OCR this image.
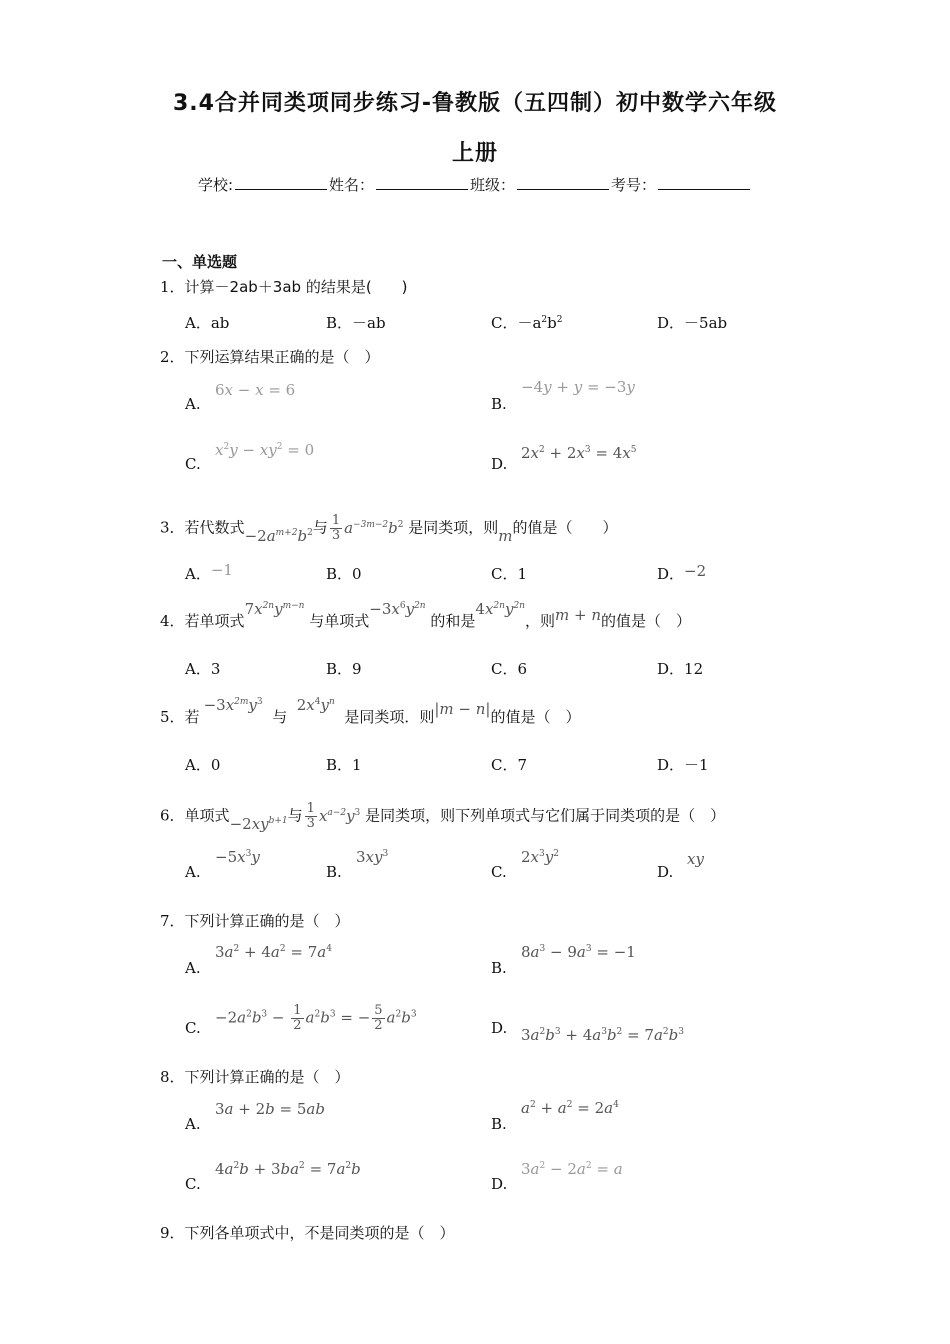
3.4合并同类项同步练习-鲁教版（五四制）初中数学六年级
上册
学校:	姓名：	班级：	考号：
一、单选题
1．计算－2ab＋3ab 的结果是(　　)
A．ab	B．－ab	C．$-a^2b^2$	D．－5ab
2．下列运算结果正确的是（　）
A.
6x − x = 6
B.
−4y + y = −3y
C.
$x^2y - xy^2 = 0$
D.
$2x^2 + 2x^3 = 4x^5$
3．若代数式$-2a^{m+2}b^2$与 $\frac{1}{3} a^{-3m-2}b^2$ 是同类项，则m的值是（　　）
A．−1	B．0	C．1	D．−2
4．若单项式$7x^{2n}y^{m-n}$ 与单项式$-3x^6y^{2n}$ 的和是$4x^{2n}y^{2n}$，则m + n的值是（　）
A．3	B．9	C．6	D．12
5．若$-3x^{2m}y^3$  与  $2x^4y^n$  是同类项．则|m − n|的值是（　）
A．0	B．1	C．7	D．－1
6．单项式$-2xy^{b+1}$与 $\frac{1}{3} x^{a-2}y^3$ 是同类项，则下列单项式与它们属于同类项的是（　）
A.
$-5x^3y$
B.
$3xy^3$
C.
$2x^3y^2$
D.
xy
7．下列计算正确的是（　）
A.
$3a^2 + 4a^2 = 7a^4$
B.
$8a^3 - 9a^3 = -1$
C.
$-2a^2b^3 - \frac{1}{2} a^2b^3$ = − $\frac{5}{2} a^2b^3$
D. $3a^2b^3 + 4a^3b^2 = 7a^2b^3$
8．下列计算正确的是（　）
A.
3a + 2b = 5ab
B.
$a^2 + a^2 = 2a^4$
C.
$4a^2b + 3ba^2 = 7a^2b$
D.
$3a^2 - 2a^2 = a$
9．下列各单项式中，不是同类项的是（　）
